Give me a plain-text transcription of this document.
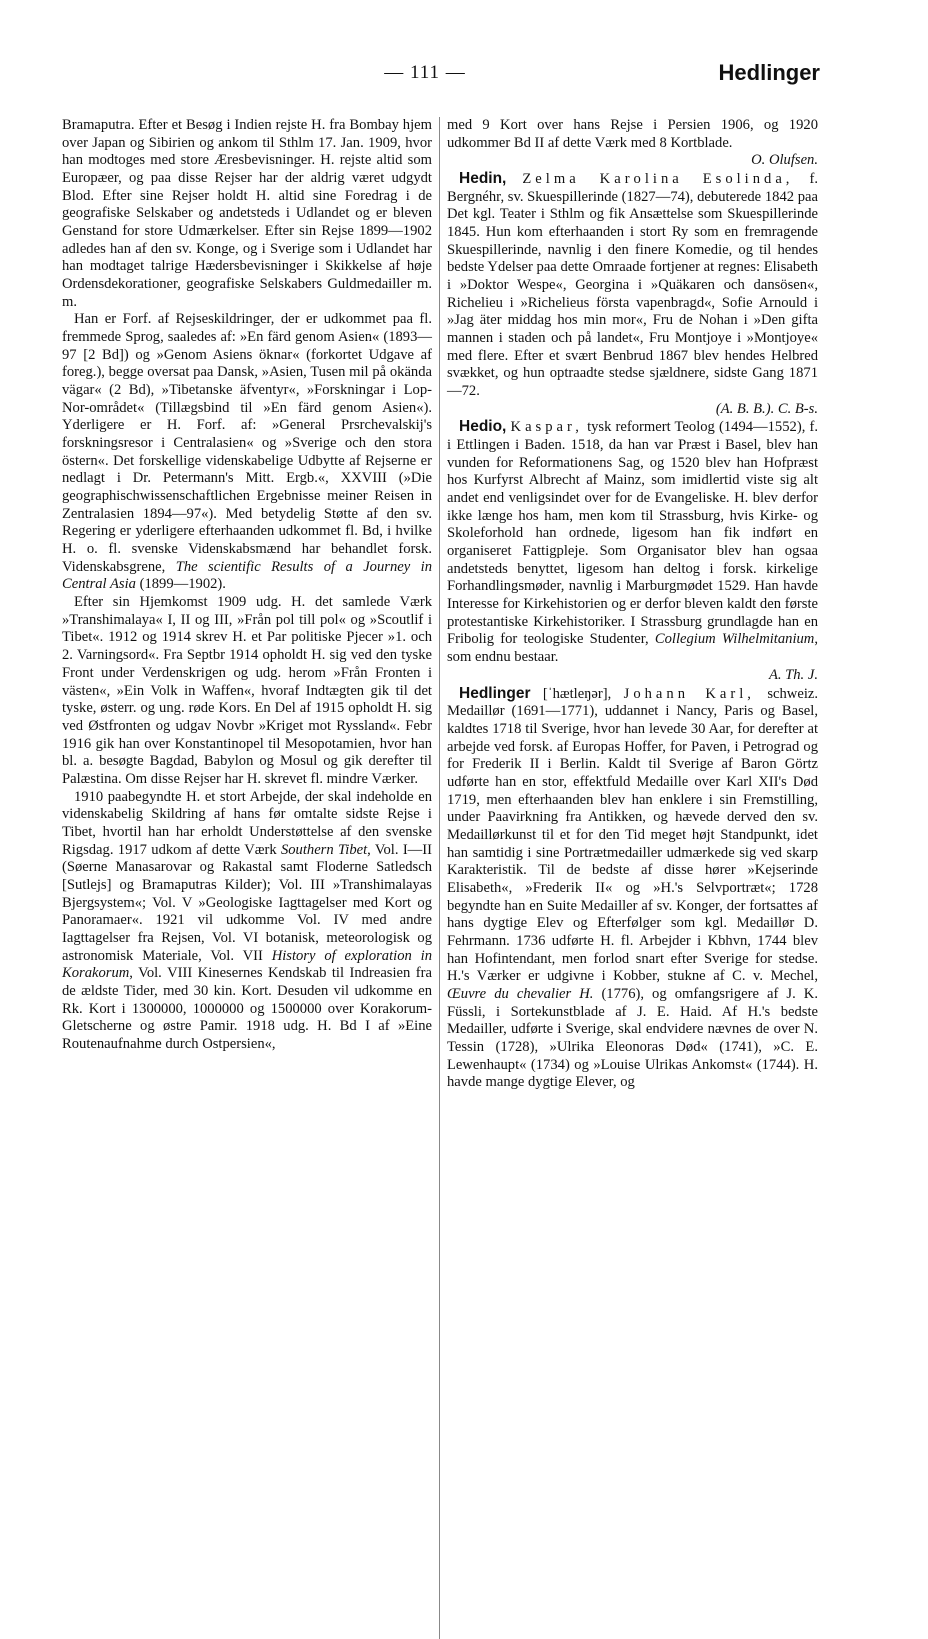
— 111 —	Hedlinger

Bramaputra. Efter et Besøg i Indien rejste H. fra Bombay hjem over Japan og Sibirien og ankom til Sthlm 17. Jan. 1909, hvor han modtoges med store Æresbevisninger. H. rejste altid som Europæer, og paa disse Rejser har der aldrig været udgydt Blod. Efter sine Rejser holdt H. altid sine Foredrag i de geografiske Selskaber og andetsteds i Udlandet og er bleven Genstand for store Udmærkelser. Efter sin Rejse 1899—1902 adledes han af den sv. Konge, og i Sverige som i Udlandet har han modtaget talrige Hædersbevisninger i Skikkelse af høje Ordensdekorationer, geografiske Selskabers Guldmedailler m. m.

Han er Forf. af Rejseskildringer, der er udkommet paa fl. fremmede Sprog, saaledes af: »En färd genom Asien« (1893—97 [2 Bd]) og »Genom Asiens öknar« (forkortet Udgave af foreg.), begge oversat paa Dansk, »Asien, Tusen mil på okända vägar« (2 Bd), »Tibetanske äfventyr«, »Forskningar i Lop-Nor-området« (Tillægsbind til »En färd genom Asien«). Yderligere er H. Forf. af: »General Prsrchevalskij's forskningsresor i Centralasien« og »Sverige och den stora östern«. Det forskellige videnskabelige Udbytte af Rejserne er nedlagt i Dr. Petermann's Mitt. Ergb.«, XXVIII (»Die geographischwissenschaftlichen Ergebnisse meiner Reisen in Zentralasien 1894—97«). Med betydelig Støtte af den sv. Regering er yderligere efterhaanden udkommet fl. Bd, i hvilke H. o. fl. svenske Videnskabsmænd har behandlet forsk. Videnskabsgrene, The scientific Results of a Journey in Central Asia (1899—1902).

Efter sin Hjemkomst 1909 udg. H. det samlede Værk »Transhimalaya« I, II og III, »Från pol till pol« og »Scoutlif i Tibet«. 1912 og 1914 skrev H. et Par politiske Pjecer »1. och 2. Varningsord«. Fra Septbr 1914 opholdt H. sig ved den tyske Front under Verdenskrigen og udg. herom »Från Fronten i västen«, »Ein Volk in Waffen«, hvoraf Indtægten gik til det tyske, østerr. og ung. røde Kors. En Del af 1915 opholdt H. sig ved Østfronten og udgav Novbr »Kriget mot Ryssland«. Febr 1916 gik han over Konstantinopel til Mesopotamien, hvor han bl. a. besøgte Bagdad, Babylon og Mosul og gik derefter til Palæstina. Om disse Rejser har H. skrevet fl. mindre Værker.

1910 paabegyndte H. et stort Arbejde, der skal indeholde en videnskabelig Skildring af hans før omtalte sidste Rejse i Tibet, hvortil han har erholdt Understøttelse af den svenske Rigsdag. 1917 udkom af dette Værk Southern Tibet, Vol. I—II (Søerne Manasarovar og Rakastal samt Floderne Satledsch [Sutlejs] og Bramaputras Kilder); Vol. III »Transhimalayas Bjergsystem«; Vol. V »Geologiske Iagttagelser med Kort og Panoramaer«. 1921 vil udkomme Vol. IV med andre Iagttagelser fra Rejsen, Vol. VI botanisk, meteorologisk og astronomisk Materiale, Vol. VII History of exploration in Korakorum, Vol. VIII Kinesernes Kendskab til Indreasien fra de ældste Tider, med 30 kin. Kort. Desuden vil udkomme en Rk. Kort i 1300000, 1000000 og 1500000 over Korakorum-Gletscherne og østre Pamir. 1918 udg. H. Bd I af »Eine Routenaufnahme durch Ostpersien«,

med 9 Kort over hans Rejse i Persien 1906, og 1920 udkommer Bd II af dette Værk med 8 Kortblade.
O. Olufsen.

Hedin, Zelma Karolina Esolinda, f. Bergnéhr, sv. Skuespillerinde (1827—74), debuterede 1842 paa Det kgl. Teater i Sthlm og fik Ansættelse som Skuespillerinde 1845. Hun kom efterhaanden i stort Ry som en fremragende Skuespillerinde, navnlig i den finere Komedie, og til hendes bedste Ydelser paa dette Omraade fortjener at regnes: Elisabeth i »Doktor Wespe«, Georgina i »Quäkaren och dansösen«, Richelieu i »Richelieus första vapenbragd«, Sofie Arnould i »Jag äter middag hos min mor«, Fru de Nohan i »Den gifta mannen i staden och på landet«, Fru Montjoye i »Montjoye« med flere. Efter et svært Benbrud 1867 blev hendes Helbred svækket, og hun optraadte stedse sjældnere, sidste Gang 1871—72.
(A. B. B.). C. B-s.

Hedio, Kaspar, tysk reformert Teolog (1494—1552), f. i Ettlingen i Baden. 1518, da han var Præst i Basel, blev han vunden for Reformationens Sag, og 1520 blev han Hofpræst hos Kurfyrst Albrecht af Mainz, som imidlertid viste sig alt andet end venligsindet over for de Evangeliske. H. blev derfor ikke længe hos ham, men kom til Strassburg, hvis Kirke- og Skoleforhold han ordnede, ligesom han fik indført en organiseret Fattigpleje. Som Organisator blev han ogsaa andetsteds benyttet, ligesom han deltog i forsk. kirkelige Forhandlingsmøder, navnlig i Marburgmødet 1529. Han havde Interesse for Kirkehistorien og er derfor bleven kaldt den første protestantiske Kirkehistoriker. I Strassburg grundlagde han en Fribolig for teologiske Studenter, Collegium Wilhelmitanium, som endnu bestaar.
A. Th. J.

Hedlinger [ˈhætleŋər], Johann Karl, schweiz. Medaillør (1691—1771), uddannet i Nancy, Paris og Basel, kaldtes 1718 til Sverige, hvor han levede 30 Aar, for derefter at arbejde ved forsk. af Europas Hoffer, for Paven, i Petrograd og for Frederik II i Berlin. Kaldt til Sverige af Baron Görtz udførte han en stor, effektfuld Medaille over Karl XII's Død 1719, men efterhaanden blev han enklere i sin Fremstilling, under Paavirkning fra Antikken, og hævede derved den sv. Medaillørkunst til et for den Tid meget højt Standpunkt, idet han samtidig i sine Portrætmedailler udmærkede sig ved skarp Karakteristik. Til de bedste af disse hører »Kejserinde Elisabeth«, »Frederik II« og »H.'s Selvportræt«; 1728 begyndte han en Suite Medailler af sv. Konger, der fortsattes af hans dygtige Elev og Efterfølger som kgl. Medaillør D. Fehrmann. 1736 udførte H. fl. Arbejder i Kbhvn, 1744 blev han Hofintendant, men forlod snart efter Sverige for stedse. H.'s Værker er udgivne i Kobber, stukne af C. v. Mechel, Œuvre du chevalier H. (1776), og omfangsrigere af J. K. Füssli, i Sortekunstblade af J. E. Haid. Af H.'s bedste Medailler, udførte i Sverige, skal endvidere nævnes de over N. Tessin (1728), »Ulrika Eleonoras Død« (1741), »C. E. Lewenhaupt« (1734) og »Louise Ulrikas Ankomst« (1744). H. havde mange dygtige Elever, og
